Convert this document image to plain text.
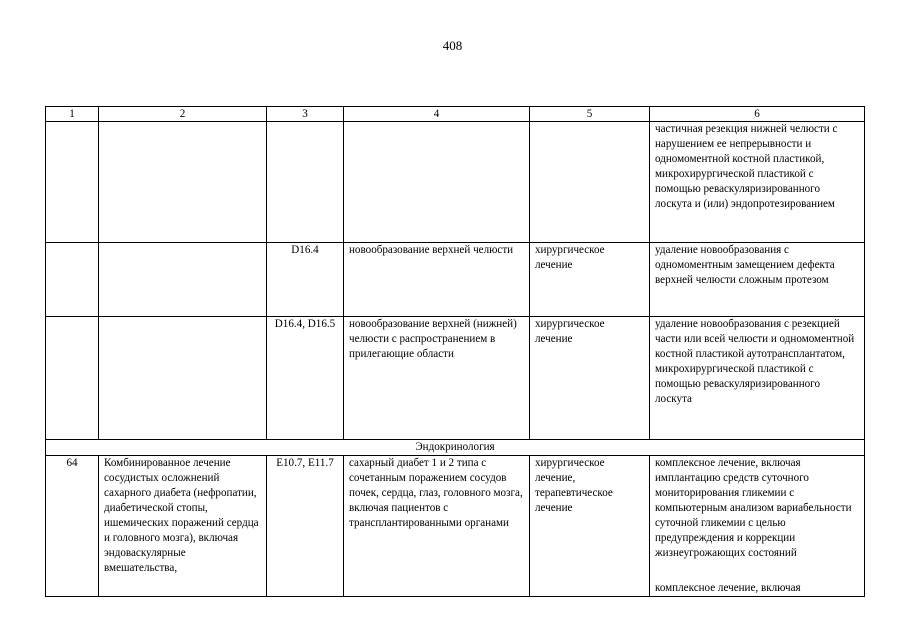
408
1	2	3	4	5	6
					частичная резекция нижней челюсти с нарушением ее непрерывности и одномоментной костной пластикой, микрохирургической пластикой с помощью реваскуляризированного лоскута и (или) эндопротезированием
		D16.4	новообразование верхней челюсти	хирургическое лечение	удаление новообразования с одномоментным замещением дефекта верхней челюсти сложным протезом
		D16.4, D16.5	новообразование верхней (нижней) челюсти с распространением в прилегающие области	хирургическое лечение	удаление новообразования с резекцией части или всей челюсти и одномоментной костной пластикой аутотрансплантатом, микрохирургической пластикой с помощью реваскуляризированного лоскута
Эндокринология					
64	Комбинированное лечение сосудистых осложнений сахарного диабета (нефропатии, диабетической стопы, ишемических поражений сердца и головного мозга), включая эндоваскулярные вмешательства,	E10.7, E11.7	сахарный диабет 1 и 2 типа с сочетанным поражением сосудов почек, сердца, глаз, головного мозга, включая пациентов с трансплантированными органами	хирургическое лечение, терапевтическое лечение	комплексное лечение, включая имплантацию средств суточного мониторирования гликемии с компьютерным анализом вариабельности суточной гликемии с целью предупреждения и коррекции жизнеугрожающих состояний
комплексное лечение, включая
